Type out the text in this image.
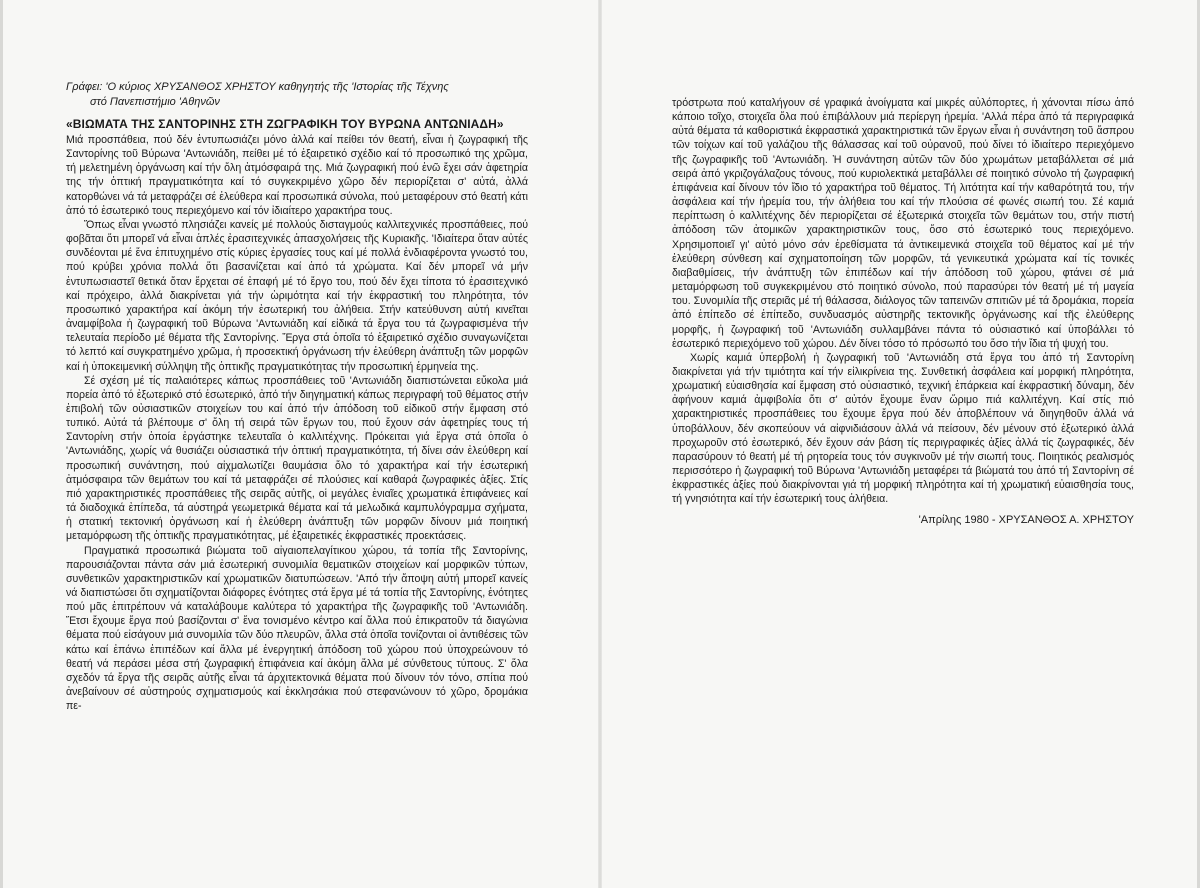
Γράφει: 'Ο κύριος ΧΡΥΣΑΝΘΟΣ ΧΡΗΣΤΟΥ καθηγητής τῆς 'Ιστορίας τῆς Τέχνης

στό Πανεπιστήμιο 'Αθηνῶν

«ΒΙΩΜΑΤΑ ΤΗΣ ΣΑΝΤΟΡΙΝΗΣ ΣΤΗ ΖΩΓΡΑΦΙΚΗ ΤΟΥ ΒΥΡΩΝΑ ΑΝΤΩΝΙΑΔΗ»

Μιά προσπάθεια, πού δέν ἐντυπωσιάζει μόνο ἀλλά καί πείθει τόν θεατή, εἶναι ἡ ζωγραφική τῆς Σαντορίνης τοῦ Βύρωνα 'Αντωνιάδη, πείθει μέ τό ἐξαιρετικό σχέδιο καί τό προσωπικό της χρῶμα, τή μελετημένη ὀργάνωση καί τήν ὅλη ἀτμόσφαιρά της. Μιά ζωγραφική πού ἐνῶ ἔχει σάν ἀφετηρία της τήν ὀπτική πραγματικότητα καί τό συγκεκριμένο χῶρο δέν περιορίζεται σ' αὐτά, ἀλλά κατορθώνει νά τά μεταφράζει σέ ἐλεύθερα καί προσωπικά σύνολα, πού μεταφέρουν στό θεατή κάτι ἀπό τό ἐσωτερικό τους περιεχόμενο καί τόν ἰδιαίτερο χαρακτήρα τους.

Ὅπως εἶναι γνωστό πλησιάζει κανείς μέ πολλούς δισταγμούς καλλιτεχνικές προσπάθειες, πού φοβᾶται ὅτι μπορεῖ νά εἶναι ἁπλές ἐρασιτεχνικές ἀπασχολήσεις τῆς Κυριακῆς. 'Ιδιαίτερα ὅταν αὐτές συνδέονται μέ ἕνα ἐπιτυχημένο στίς κύριες ἐργασίες τους καί μέ πολλά ἐνδιαφέροντα γνωστό του, πού κρύβει χρόνια πολλά ὅτι βασανίζεται καί ἀπό τά χρώματα. Καί δέν μπορεῖ νά μήν ἐντυπωσιαστεῖ θετικά ὅταν ἔρχεται σέ ἐπαφή μέ τό ἔργο του, πού δέν ἔχει τίποτα τό ἐρασιτεχνικό καί πρόχειρο, ἀλλά διακρίνεται γιά τήν ὡριμότητα καί τήν ἐκφραστική του πληρότητα, τόν προσωπικό χαρακτήρα καί ἀκόμη τήν ἐσωτερική του ἀλήθεια. Στήν κατεύθυνση αὐτή κινεῖται ἀναμφίβολα ἡ ζωγραφική τοῦ Βύρωνα 'Αντωνιάδη καί εἰδικά τά ἔργα του τά ζωγραφισμένα τήν τελευταία περίοδο μέ θέματα τῆς Σαντορίνης. Ἔργα στά ὁποῖα τό ἐξαιρετικό σχέδιο συναγωνίζεται τό λεπτό καί συγκρατημένο χρῶμα, ἡ προσεκτική ὀργάνωση τήν ἐλεύθερη ἀνάπτυξη τῶν μορφῶν καί ἡ ὑποκειμενική σύλληψη τῆς ὀπτικῆς πραγματικότητας τήν προσωπική ἑρμηνεία της.

Σέ σχέση μέ τίς παλαιότερες κάπως προσπάθειες τοῦ 'Αντωνιάδη διαπιστώνεται εὔκολα μιά πορεία ἀπό τό ἐξωτερικό στό ἐσωτερικό, ἀπό τήν διηγηματική κάπως περιγραφή τοῦ θέματος στήν ἐπιβολή τῶν οὐσιαστικῶν στοιχείων του καί ἀπό τήν ἀπόδοση τοῦ εἰδικοῦ στήν ἔμφαση στό τυπικό. Αὐτά τά βλέπουμε σ' ὅλη τή σειρά τῶν ἔργων του, πού ἔχουν σάν ἀφετηρίες τους τή Σαντορίνη στήν ὁποία ἐργάστηκε τελευταῖα ὁ καλλιτέχνης. Πρόκειται γιά ἔργα στά ὁποῖα ὁ 'Αντωνιάδης, χωρίς νά θυσιάζει οὐσιαστικά τήν ὀπτική πραγματικότητα, τή δίνει σάν ἐλεύθερη καί προσωπική συνάντηση, πού αἰχμαλωτίζει θαυμάσια ὅλο τό χαρακτήρα καί τήν ἐσωτερική ἀτμόσφαιρα τῶν θεμάτων του καί τά μεταφράζει σέ πλούσιες καί καθαρά ζωγραφικές ἀξίες. Στίς πιό χαρακτηριστικές προσπάθειες τῆς σειρᾶς αὐτῆς, οἱ μεγάλες ἐνιαῖες χρωματικά ἐπιφάνειες καί τά διαδοχικά ἐπίπεδα, τά αὐστηρά γεωμετρικά θέματα καί τά μελωδικά καμπυλόγραμμα σχήματα, ἡ στατική τεκτονική ὀργάνωση καί ἡ ἐλεύθερη ἀνάπτυξη τῶν μορφῶν δίνουν μιά ποιητική μεταμόρφωση τῆς ὀπτικῆς πραγματικότητας, μέ ἐξαιρετικές ἐκφραστικές προεκτάσεις.

Πραγματικά προσωπικά βιώματα τοῦ αἰγαιοπελαγίτικου χώρου, τά τοπία τῆς Σαντορίνης, παρουσιάζονται πάντα σάν μιά ἐσωτερική συνομιλία θεματικῶν στοιχείων καί μορφικῶν τύπων, συνθετικῶν χαρακτηριστικῶν καί χρωματικῶν διατυπώσεων. 'Από τήν ἄποψη αὐτή μπορεῖ κανείς νά διαπιστώσει ὅτι σχηματίζονται διάφορες ἑνότητες στά ἔργα μέ τά τοπία τῆς Σαντορίνης, ἑνότητες πού μᾶς ἐπιτρέπουν νά καταλάβουμε καλύτερα τό χαρακτήρα τῆς ζωγραφικῆς τοῦ 'Αντωνιάδη. Ἔτσι ἔχουμε ἔργα πού βασίζονται σ' ἕνα τονισμένο κέντρο καί ἄλλα πού ἐπικρατοῦν τά διαγώνια θέματα πού εἰσάγουν μιά συνομιλία τῶν δύο πλευρῶν, ἄλλα στά ὁποῖα τονίζονται οἱ ἀντιθέσεις τῶν κάτω καί ἐπάνω ἐπιπέδων καί ἄλλα μέ ἐνεργητική ἀπόδοση τοῦ χώρου πού ὑποχρεώνουν τό θεατή νά περάσει μέσα στή ζωγραφική ἐπιφάνεια καί ἀκόμη ἄλλα μέ σύνθετους τύπους. Σ' ὅλα σχεδόν τά ἔργα τῆς σειρᾶς αὐτῆς εἶναι τά ἀρχιτεκτονικά θέματα πού δίνουν τόν τόνο, σπίτια πού ἀνεβαίνουν σέ αὐστηρούς σχηματισμούς καί ἐκκλησάκια πού στεφανώνουν τό χῶρο, δρομάκια πε-

τρόστρωτα πού καταλήγουν σέ γραφικά ἀνοίγματα καί μικρές αὐλόπορτες, ἡ χάνονται πίσω ἀπό κάποιο τοῖχο, στοιχεῖα ὅλα πού ἐπιβάλλουν μιά περίεργη ἠρεμία. 'Αλλά πέρα ἀπό τά περιγραφικά αὐτά θέματα τά καθοριστικά ἐκφραστικά χαρακτηριστικά τῶν ἔργων εἶναι ἡ συνάντηση τοῦ ἄσπρου τῶν τοίχων καί τοῦ γαλάζιου τῆς θάλασσας καί τοῦ οὐρανοῦ, πού δίνει τό ἰδιαίτερο περιεχόμενο τῆς ζωγραφικῆς τοῦ 'Αντωνιάδη. Ἡ συνάντηση αὐτῶν τῶν δύο χρωμάτων μεταβάλλεται σέ μιά σειρά ἀπό γκριζογάλαζους τόνους, πού κυριολεκτικά μεταβάλλει σέ ποιητικό σύνολο τή ζωγραφική ἐπιφάνεια καί δίνουν τόν ἴδιο τό χαρακτήρα τοῦ θέματος. Τή λιτότητα καί τήν καθαρότητά του, τήν ἀσφάλεια καί τήν ἠρεμία του, τήν ἀλήθεια του καί τήν πλούσια σέ φωνές σιωπή του. Σέ καμιά περίπτωση ὁ καλλιτέχνης δέν περιορίζεται σέ ἐξωτερικά στοιχεῖα τῶν θεμάτων του, στήν πιστή ἀπόδοση τῶν ἀτομικῶν χαρακτηριστικῶν τους, ὅσο στό ἐσωτερικό τους περιεχόμενο. Χρησιμοποιεῖ γι' αὐτό μόνο σάν ἐρεθίσματα τά ἀντικειμενικά στοιχεῖα τοῦ θέματος καί μέ τήν ἐλεύθερη σύνθεση καί σχηματοποίηση τῶν μορφῶν, τά γενικευτικά χρώματα καί τίς τονικές διαβαθμίσεις, τήν ἀνάπτυξη τῶν ἐπιπέδων καί τήν ἀπόδοση τοῦ χώρου, φτάνει σέ μιά μεταμόρφωση τοῦ συγκεκριμένου στό ποιητικό σύνολο, πού παρασύρει τόν θεατή μέ τή μαγεία του. Συνομιλία τῆς στεριᾶς μέ τή θάλασσα, διάλογος τῶν ταπεινῶν σπιτιῶν μέ τά δρομάκια, πορεία ἀπό ἐπίπεδο σέ ἐπίπεδο, συνδυασμός αὐστηρῆς τεκτονικῆς ὀργάνωσης καί τῆς ἐλεύθερης μορφῆς, ἡ ζωγραφική τοῦ 'Αντωνιάδη συλλαμβάνει πάντα τό οὐσιαστικό καί ὑποβάλλει τό ἐσωτερικό περιεχόμενο τοῦ χώρου. Δέν δίνει τόσο τό πρόσωπό του ὅσο τήν ἴδια τή ψυχή του.

Χωρίς καμιά ὑπερβολή ἡ ζωγραφική τοῦ 'Αντωνιάδη στά ἔργα του ἀπό τή Σαντορίνη διακρίνεται γιά τήν τιμιότητα καί τήν εἰλικρίνεια της. Συνθετική ἀσφάλεια καί μορφική πληρότητα, χρωματική εὐαισθησία καί ἔμφαση στό οὐσιαστικό, τεχνική ἐπάρκεια καί ἐκφραστική δύναμη, δέν ἀφήνουν καμιά ἀμφιβολία ὅτι σ' αὐτόν ἔχουμε ἕναν ὥριμο πιά καλλιτέχνη. Καί στίς πιό χαρακτηριστικές προσπάθειες του ἔχουμε ἔργα πού δέν ἀποβλέπουν νά διηγηθοῦν ἀλλά νά ὑποβάλλουν, δέν σκοπεύουν νά αἰφνιδιάσουν ἀλλά νά πείσουν, δέν μένουν στό ἐξωτερικό ἀλλά προχωροῦν στό ἐσωτερικό, δέν ἔχουν σάν βάση τίς περιγραφικές ἀξίες ἀλλά τίς ζωγραφικές, δέν παρασύρουν τό θεατή μέ τή ρητορεία τους τόν συγκινοῦν μέ τήν σιωπή τους. Ποιητικός ρεαλισμός περισσότερο ἡ ζωγραφική τοῦ Βύρωνα 'Αντωνιάδη μεταφέρει τά βιώματά του ἀπό τή Σαντορίνη σέ ἐκφραστικές ἀξίες πού διακρίνονται γιά τή μορφική πληρότητα καί τή χρωματική εὐαισθησία τους, τή γνησιότητα καί τήν ἐσωτερική τους ἀλήθεια.

'Απρίλης 1980 - ΧΡΥΣΑΝΘΟΣ Α. ΧΡΗΣΤΟΥ
